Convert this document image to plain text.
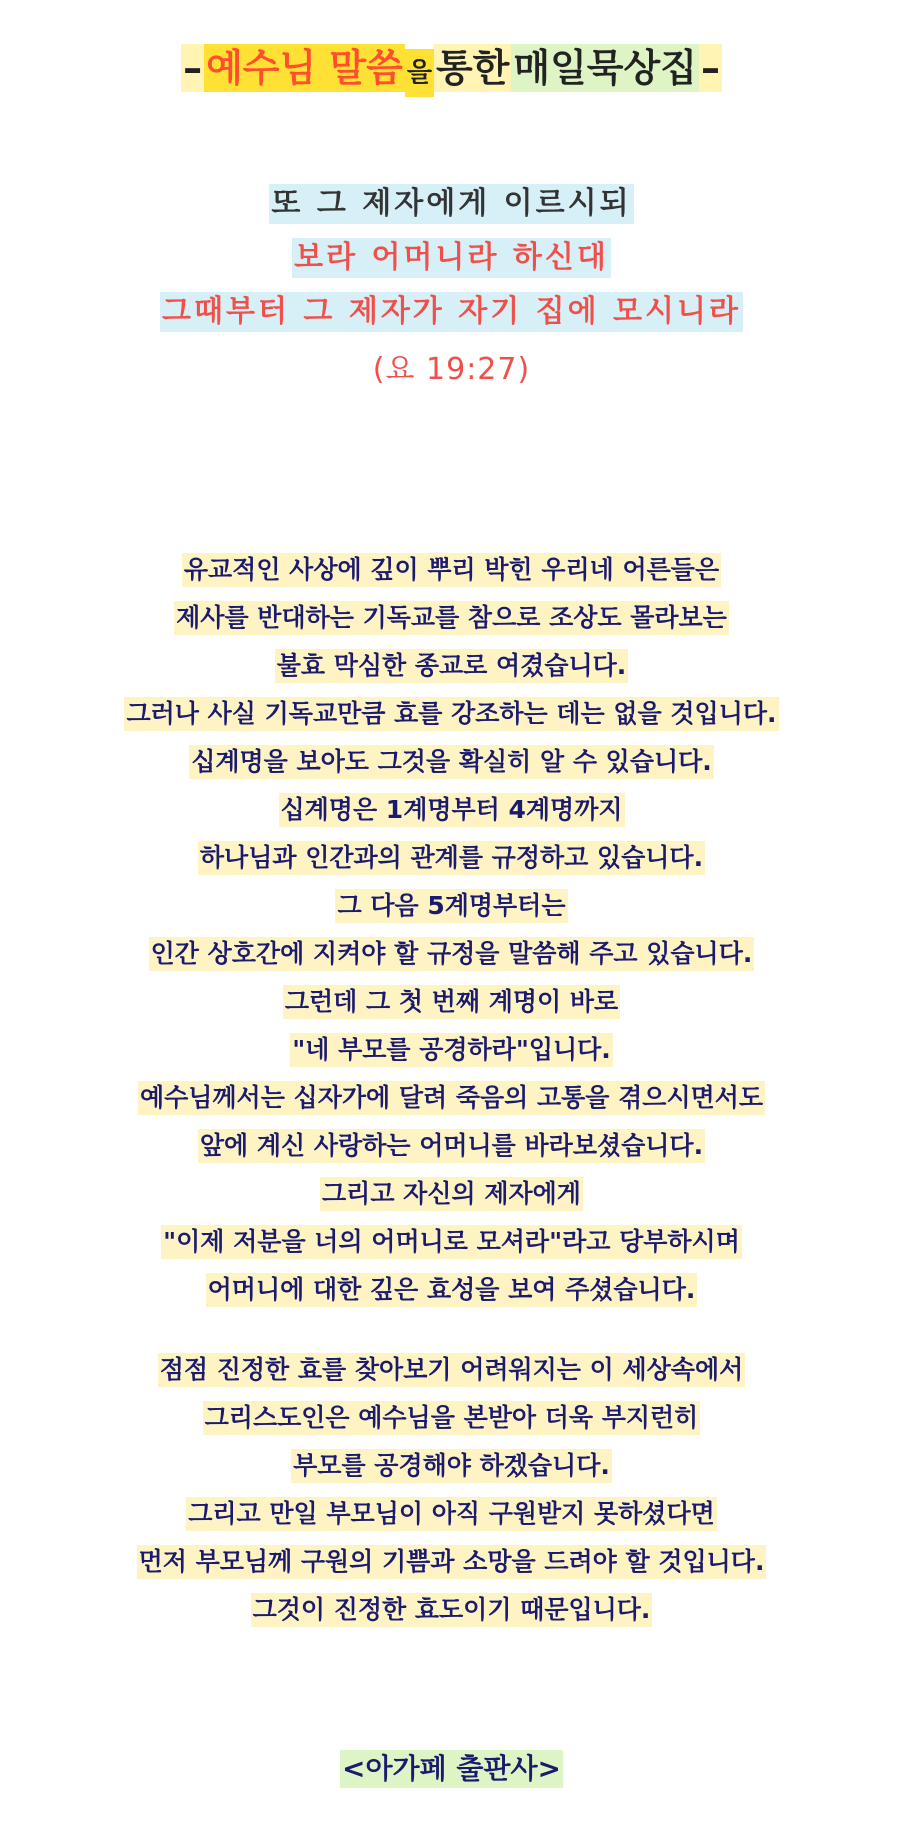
–예수님 말씀 을통한매일묵상집–
또 그 제자에게 이르시되
보라 어머니라 하신대
그때부터 그 제자가 자기 집에 모시니라
(요 19:27)
유교적인 사상에 깊이 뿌리 박힌 우리네 어른들은
제사를 반대하는 기독교를 참으로 조상도 몰라보는
불효 막심한 종교로 여겼습니다.
그러나 사실 기독교만큼 효를 강조하는 데는 없을 것입니다.
십계명을 보아도 그것을 확실히 알 수 있습니다.
십계명은 1계명부터 4계명까지
하나님과 인간과의 관계를 규정하고 있습니다.
그 다음 5계명부터는
인간 상호간에 지켜야 할 규정을 말씀해 주고 있습니다.
그런데 그 첫 번째 계명이 바로
"네 부모를 공경하라"입니다.
예수님께서는 십자가에 달려 죽음의 고통을 겪으시면서도
앞에 계신 사랑하는 어머니를 바라보셨습니다.
그리고 자신의 제자에게
"이제 저분을 너의 어머니로 모셔라"라고 당부하시며
어머니에 대한 깊은 효성을 보여 주셨습니다.
점점 진정한 효를 찾아보기 어려워지는 이 세상속에서
그리스도인은 예수님을 본받아 더욱 부지런히
부모를 공경해야 하겠습니다.
그리고 만일 부모님이 아직 구원받지 못하셨다면
먼저 부모님께 구원의 기쁨과 소망을 드려야 할 것입니다.
그것이 진정한 효도이기 때문입니다.
<아가페 출판사>
